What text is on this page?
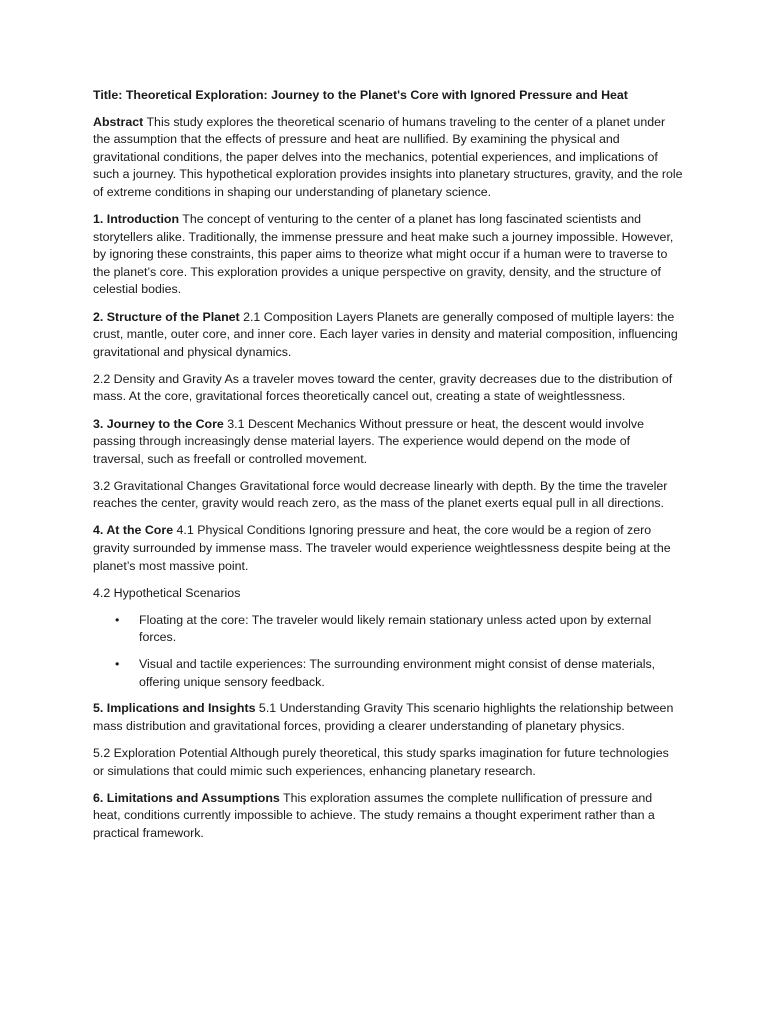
Title: Theoretical Exploration: Journey to the Planet's Core with Ignored Pressure and Heat

Abstract This study explores the theoretical scenario of humans traveling to the center of a planet under the assumption that the effects of pressure and heat are nullified. By examining the physical and gravitational conditions, the paper delves into the mechanics, potential experiences, and implications of such a journey. This hypothetical exploration provides insights into planetary structures, gravity, and the role of extreme conditions in shaping our understanding of planetary science.

1. Introduction The concept of venturing to the center of a planet has long fascinated scientists and storytellers alike. Traditionally, the immense pressure and heat make such a journey impossible. However, by ignoring these constraints, this paper aims to theorize what might occur if a human were to traverse to the planet’s core. This exploration provides a unique perspective on gravity, density, and the structure of celestial bodies.

2. Structure of the Planet 2.1 Composition Layers Planets are generally composed of multiple layers: the crust, mantle, outer core, and inner core. Each layer varies in density and material composition, influencing gravitational and physical dynamics.

2.2 Density and Gravity As a traveler moves toward the center, gravity decreases due to the distribution of mass. At the core, gravitational forces theoretically cancel out, creating a state of weightlessness.

3. Journey to the Core 3.1 Descent Mechanics Without pressure or heat, the descent would involve passing through increasingly dense material layers. The experience would depend on the mode of traversal, such as freefall or controlled movement.

3.2 Gravitational Changes Gravitational force would decrease linearly with depth. By the time the traveler reaches the center, gravity would reach zero, as the mass of the planet exerts equal pull in all directions.

4. At the Core 4.1 Physical Conditions Ignoring pressure and heat, the core would be a region of zero gravity surrounded by immense mass. The traveler would experience weightlessness despite being at the planet’s most massive point.

4.2 Hypothetical Scenarios

• Floating at the core: The traveler would likely remain stationary unless acted upon by external forces.
• Visual and tactile experiences: The surrounding environment might consist of dense materials, offering unique sensory feedback.

5. Implications and Insights 5.1 Understanding Gravity This scenario highlights the relationship between mass distribution and gravitational forces, providing a clearer understanding of planetary physics.

5.2 Exploration Potential Although purely theoretical, this study sparks imagination for future technologies or simulations that could mimic such experiences, enhancing planetary research.

6. Limitations and Assumptions This exploration assumes the complete nullification of pressure and heat, conditions currently impossible to achieve. The study remains a thought experiment rather than a practical framework.
